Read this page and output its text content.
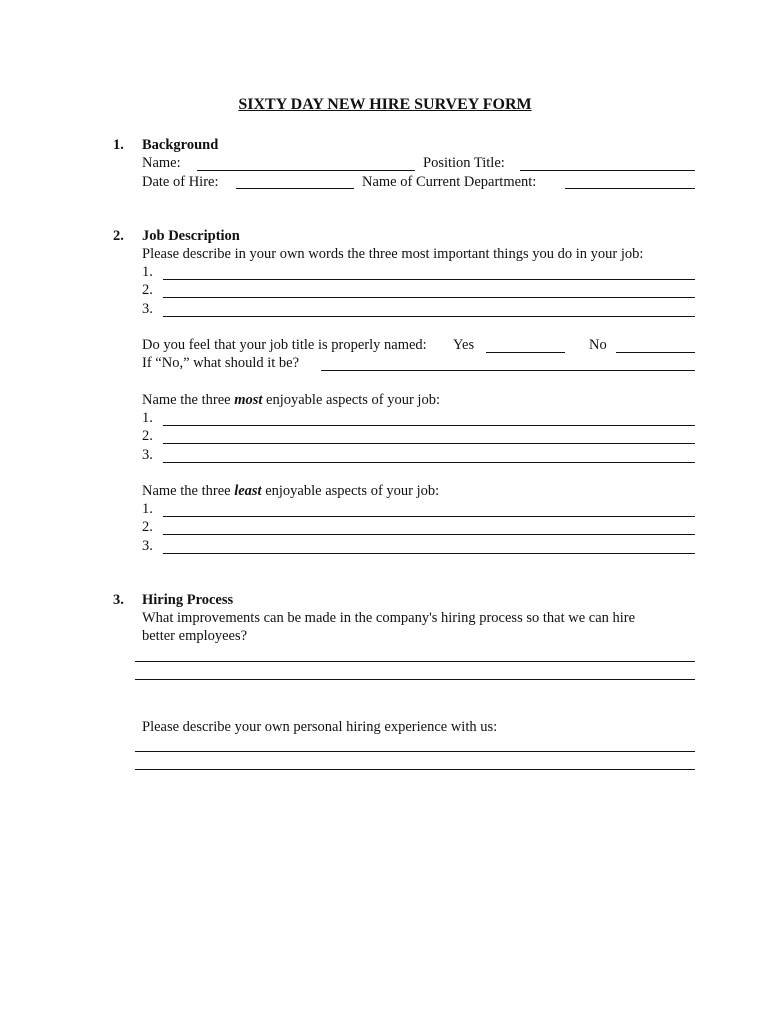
SIXTY DAY NEW HIRE SURVEY FORM
1. Background
Name:	Position Title:
Date of Hire:	Name of Current Department:
2. Job Description
Please describe in your own words the three most important things you do in your job:
1.
2.
3.
Do you feel that your job title is properly named: Yes	No
If “No,” what should it be?
Name the three most enjoyable aspects of your job:
1.
2.
3.
Name the three least enjoyable aspects of your job:
1.
2.
3.
3. Hiring Process
What improvements can be made in the company's hiring process so that we can hire
better employees?
Please describe your own personal hiring experience with us:
